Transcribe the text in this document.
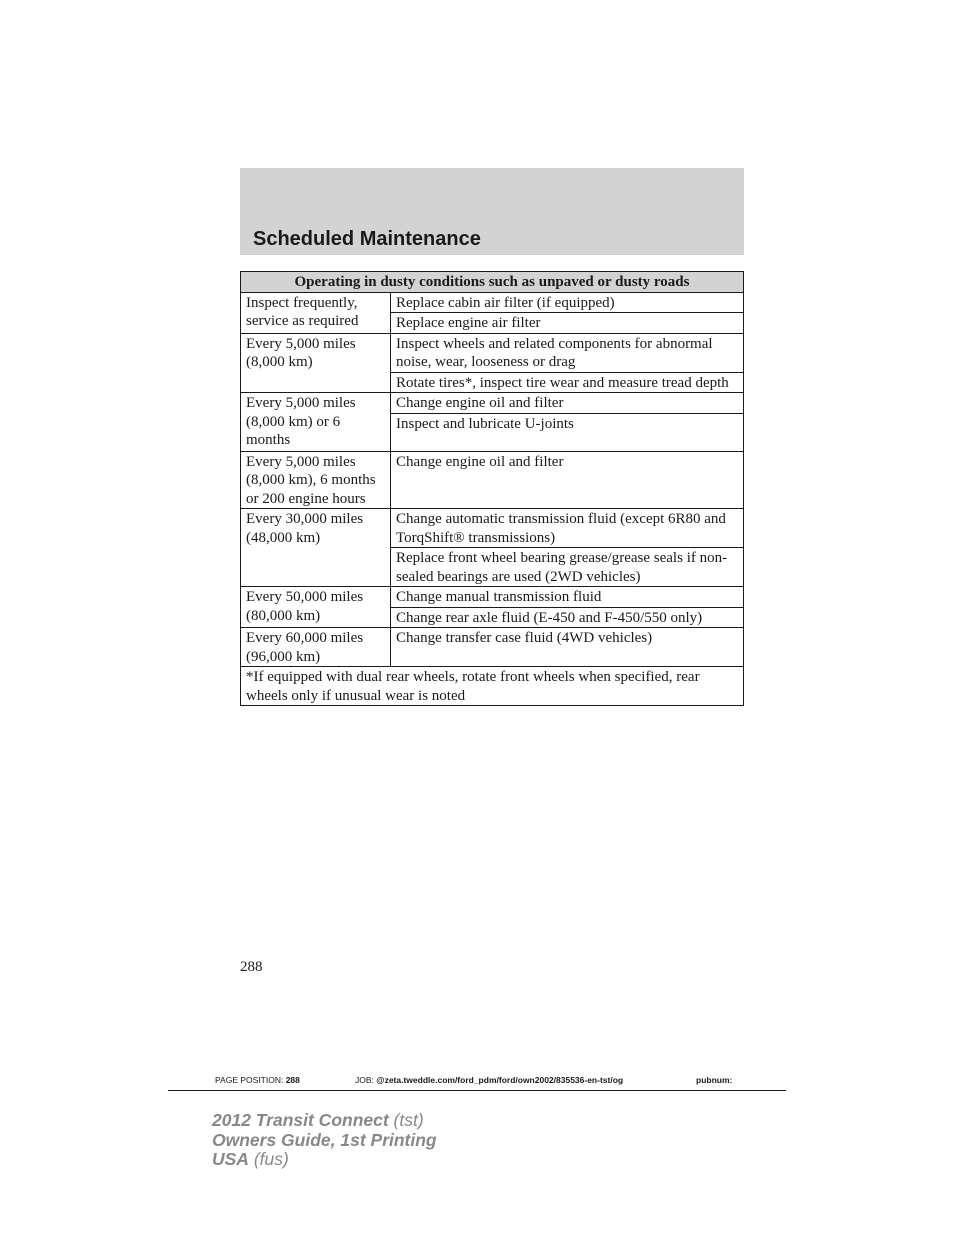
Scheduled Maintenance
Operating in dusty conditions such as unpaved or dusty roads	
Inspect frequently, service as required	Replace cabin air filter (if equipped)
	Replace engine air filter
Every 5,000 miles (8,000 km)	Inspect wheels and related components for abnormal noise, wear, looseness or drag
	Rotate tires*, inspect tire wear and measure tread depth
Every 5,000 miles (8,000 km) or 6 months	Change engine oil and filter
	Inspect and lubricate U-joints
Every 5,000 miles (8,000 km), 6 months or 200 engine hours	Change engine oil and filter
Every 30,000 miles (48,000 km)	Change automatic transmission fluid (except 6R80 and TorqShift® transmissions)
	Replace front wheel bearing grease/grease seals if non-sealed bearings are used (2WD vehicles)
Every 50,000 miles (80,000 km)	Change manual transmission fluid
	Change rear axle fluid (E-450 and F-450/550 only)
Every 60,000 miles (96,000 km)	Change transfer case fluid (4WD vehicles)
*If equipped with dual rear wheels, rotate front wheels when specified, rear wheels only if unusual wear is noted	
288
PAGE POSITION: 288	JOB: @zeta.tweddle.com/ford_pdm/ford/own2002/835536-en-tst/og	pubnum:
2012 Transit Connect (tst)
Owners Guide, 1st Printing
USA (fus)
